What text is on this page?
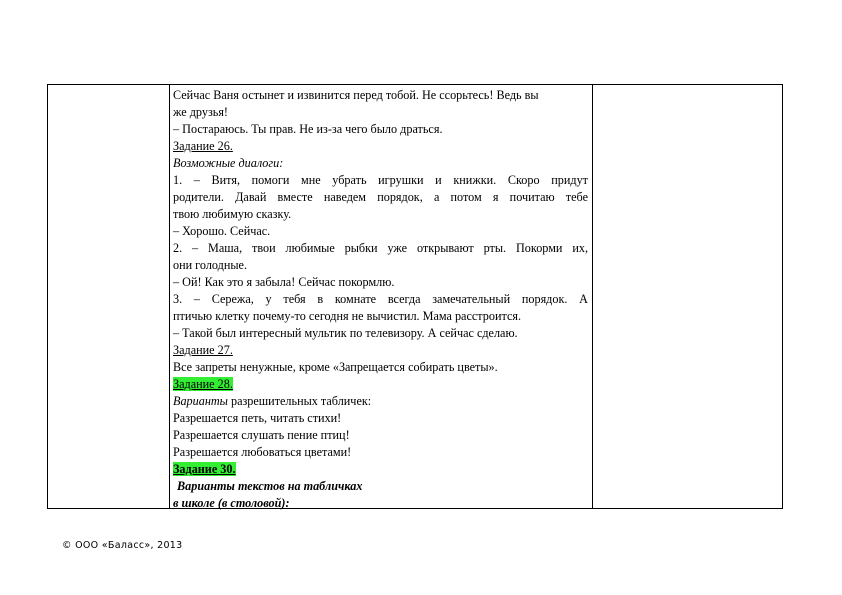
Сейчас Ваня остынет и извинится перед тобой. Не ссорьтесь! Ведь вы
же друзья!
– Постараюсь. Ты прав. Не из-за чего было драться.
Задание 26.
Возможные диалоги:
1. – Витя, помоги мне убрать игрушки и книжки. Скоро придут
родители. Давай вместе наведем порядок, а потом я почитаю тебе
твою любимую сказку.
– Хорошо. Сейчас.
2. – Маша, твои любимые рыбки уже открывают рты. Покорми их,
они голодные.
– Ой! Как это я забыла! Сейчас покормлю.
3. – Сережа, у тебя в комнате всегда замечательный порядок. А
птичью клетку почему-то сегодня не вычистил. Мама расстроится.
– Такой был интересный мультик по телевизору. А сейчас сделаю.
Задание 27.
Все запреты ненужные, кроме «Запрещается собирать цветы».
Задание 28.
Варианты разрешительных табличек:
Разрешается петь, читать стихи!
Разрешается слушать пение птиц!
Разрешается любоваться цветами!
Задание 30.
Варианты текстов на табличках
в школе (в столовой):
© ООО «Баласс», 2013
